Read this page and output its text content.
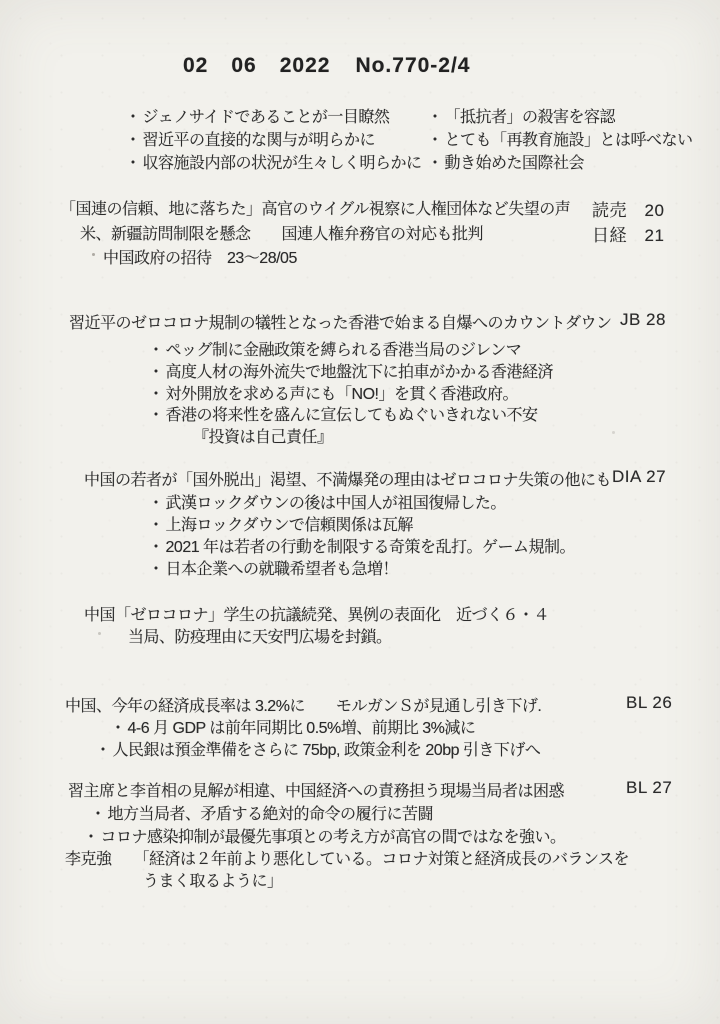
02 06 2022 No.770-2/4
・ ジェノサイドであることが一目瞭然
・ 習近平の直接的な関与が明らかに
・ 収容施設内部の状況が生々しく明らかに
・ 「抵抗者」の殺害を容認
・ とても「再教育施設」とは呼べない
・ 動き始めた国際社会
「国連の信頼、地に落ちた」高官のウイグル視察に人権団体など失望の声 読売　20
米、新疆訪問制限を懸念　　国連人権弁務官の対応も批判	日経　21
中国政府の招待　23～28/05
習近平のゼロコロナ規制の犠牲となった香港で始まる自爆へのカウントダウン JB 28
・ ペッグ制に金融政策を縛られる香港当局のジレンマ
・ 高度人材の海外流失で地盤沈下に拍車がかかる香港経済
・ 対外開放を求める声にも「NO!」を貫く香港政府。
・ 香港の将来性を盛んに宣伝してもぬぐいきれない不安
『投資は自己責任』
中国の若者が「国外脱出」渇望、不満爆発の理由はゼロコロナ失策の他にも DIA 27
・ 武漢ロックダウンの後は中国人が祖国復帰した。
・ 上海ロックダウンで信頼関係は瓦解
・ 2021 年は若者の行動を制限する奇策を乱打。ゲーム規制。
・ 日本企業への就職希望者も急増！
中国「ゼロコロナ」学生の抗議続発、異例の表面化　近づく６・４
当局、防疫理由に天安門広場を封鎖。
中国、今年の経済成長率は 3.2%に　　モルガンＳが見通し引き下げ.	BL 26
・ 4-6 月 GDP は前年同期比 0.5%増、前期比 3%減に
・ 人民銀は預金準備をさらに 75bp, 政策金利を 20bp 引き下げへ
習主席と李首相の見解が相違、中国経済への責務担う現場当局者は困惑	BL 27
・ 地方当局者、矛盾する絶対的命令の履行に苦闘
・ コロナ感染抑制が最優先事項との考え方が高官の間ではなを強い。
李克強 「経済は２年前より悪化している。コロナ対策と経済成長のバランスを
うまく取るように」
